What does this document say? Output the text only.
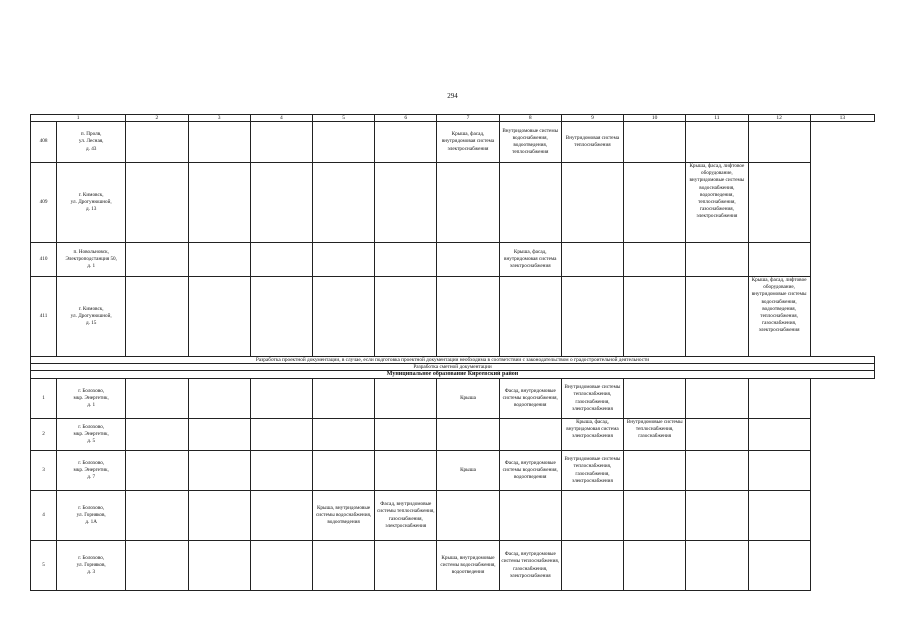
294
1		2	3	4	5	6	7	8	9	10	11	12	13
408	п. Пролв,
ул. Лесная,
д. 43						Крыша, фасад, внутридомовая система электроснабжения	Внутридомовые системы водоснабжения, водоотведения, теплоснабжения	Внутридомовая система теплоснабжения				
409	г. Кимовск,
ул. Дрогунюшной,
д. 13										Крыша, фасад, лифтовое оборудование, внутридомовые системы водоснабжения, водоотведения, теплоснабжения, газоснабжения, электроснабжения		
410	п. Новольновск,
Электроподстанция 50,
д. 1							Крыша, фасад, внутридомовая система электроснабжения					
411	г. Кимовск,
ул. Дрогунюшной,
д. 15											Крыша, фасад, лифтовое оборудование, внутридомовые системы водоснабжения, водоотведения, теплоснабжения, газоснабжения, электроснабжения	
Разработка проектной документации, в случае, если подготовка проектной документации необходима в соответствии с законодательством о градостроительной деятельности													
Разработка сметной документации													
Муниципальное образование Киреевский район													
1	г. Болохово,
мкр. Энергетик,
д. 1						Крыша	Фасад, внутридомовые системы водоснабжения, водоотведения	Внутридомовые системы теплоснабжения, газоснабжения, электроснабжения				
2	г. Болохово,
мкр. Энергетик,
д. 5								Крыша, фасад, внутридомовая система электроснабжения	Внутридомовые системы теплоснабжения, газоснабжения			
3	г. Болохово,
мкр. Энергетик,
д. 7						Крыша	Фасад, внутридомовые системы водоснабжения, водоотведения	Внутридомовые системы теплоснабжения, газоснабжения, электроснабжения				
4	г. Болохово,
ул. Горняков,
д. 1А				Крыша, внутридомовые системы водоснабжения, водоотведения	Фасад, внутридомовые системы теплоснабжения, газоснабжения, электроснабжения							
5	г. Болохово,
ул. Горняков,
д. 3						Крыша, внутридомовые системы водоснабжения, водоотведения	Фасад, внутридомовые системы теплоснабжения, газоснабжения, электроснабжения					
